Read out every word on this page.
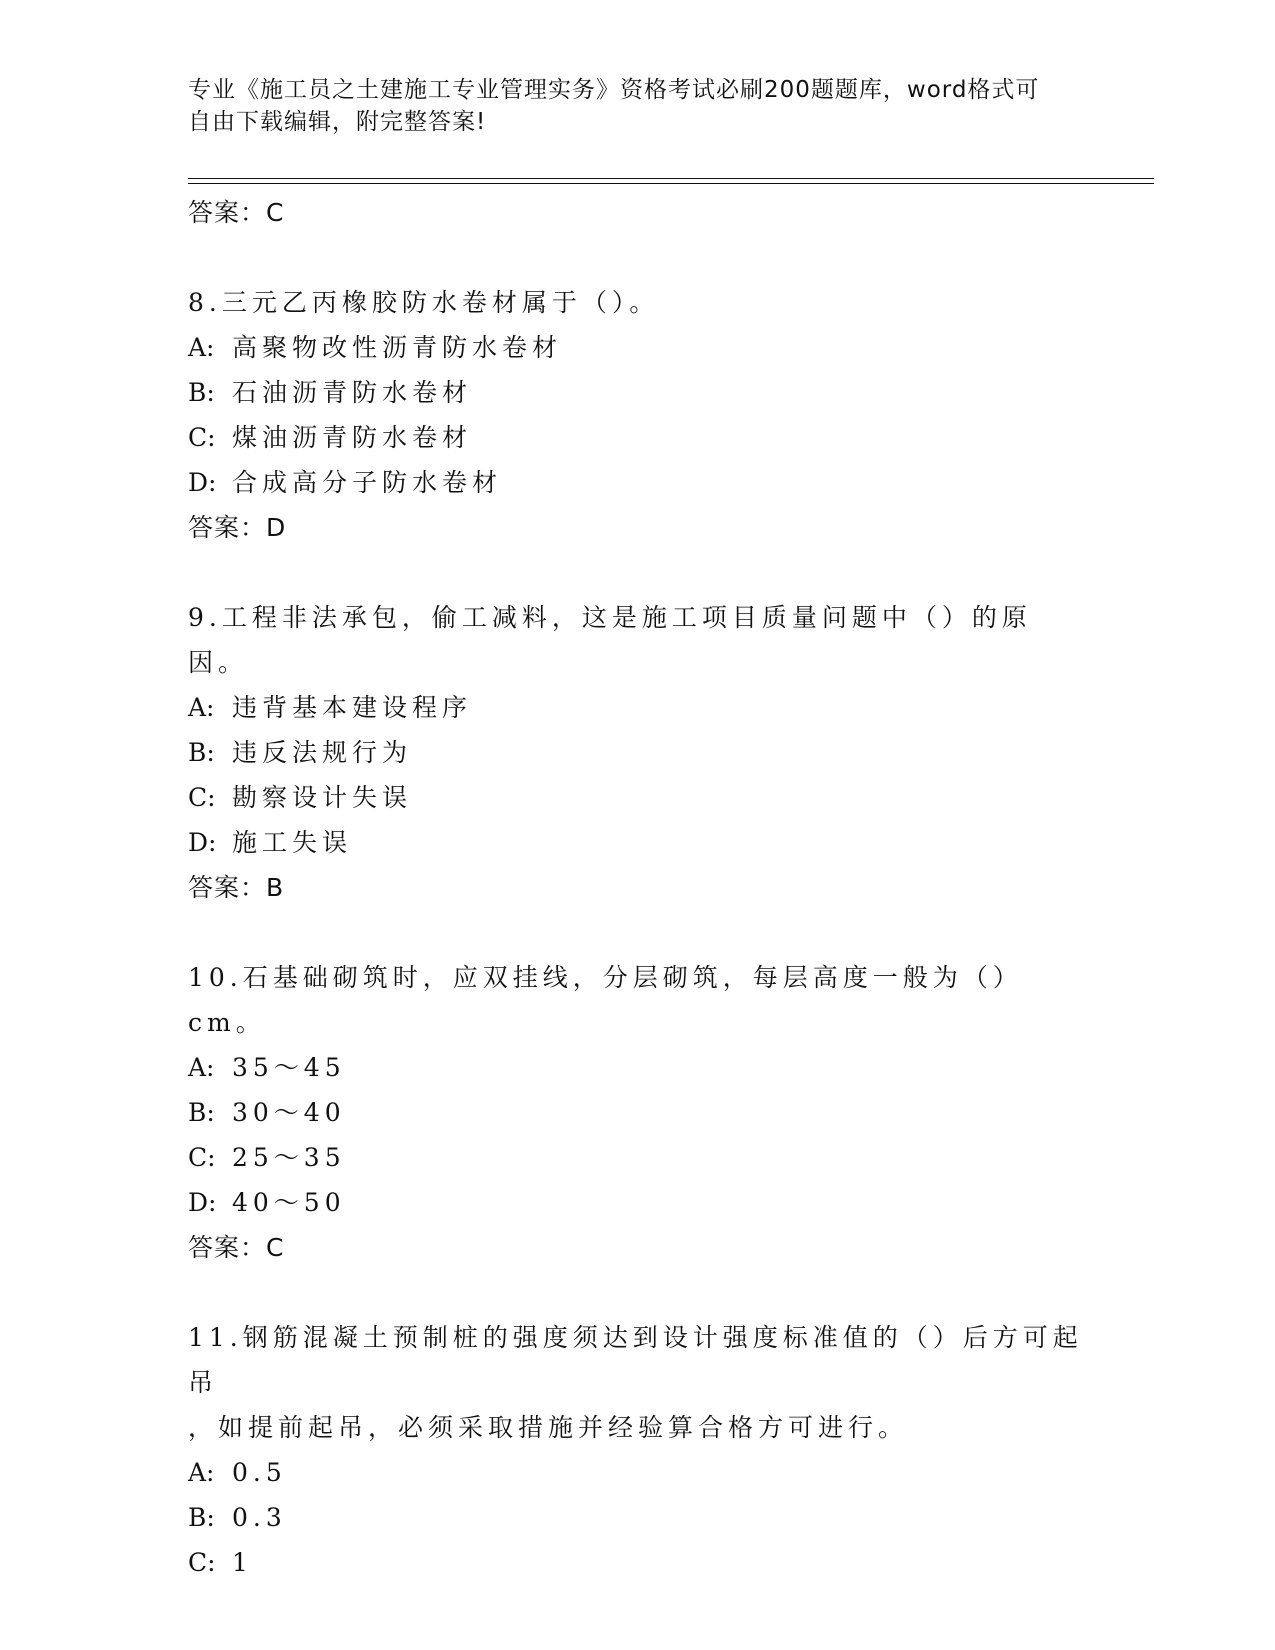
专业《施工员之土建施工专业管理实务》资格考试必刷200题题库，word格式可
自由下载编辑，附完整答案!
答案：C
8.三元乙丙橡胶防水卷材属于（）。
A: 高聚物改性沥青防水卷材
B: 石油沥青防水卷材
C: 煤油沥青防水卷材
D: 合成高分子防水卷材
答案：D
9.工程非法承包，偷工减料，这是施工项目质量问题中（）的原因。
A: 违背基本建设程序
B: 违反法规行为
C: 勘察设计失误
D: 施工失误
答案：B
10.石基础砌筑时，应双挂线，分层砌筑，每层高度一般为（）cm。
A: 35～45
B: 30～40
C: 25～35
D: 40～50
答案：C
11.钢筋混凝土预制桩的强度须达到设计强度标准值的（）后方可起吊
，如提前起吊，必须采取措施并经验算合格方可进行。
A: 0.5
B: 0.3
C: 1
